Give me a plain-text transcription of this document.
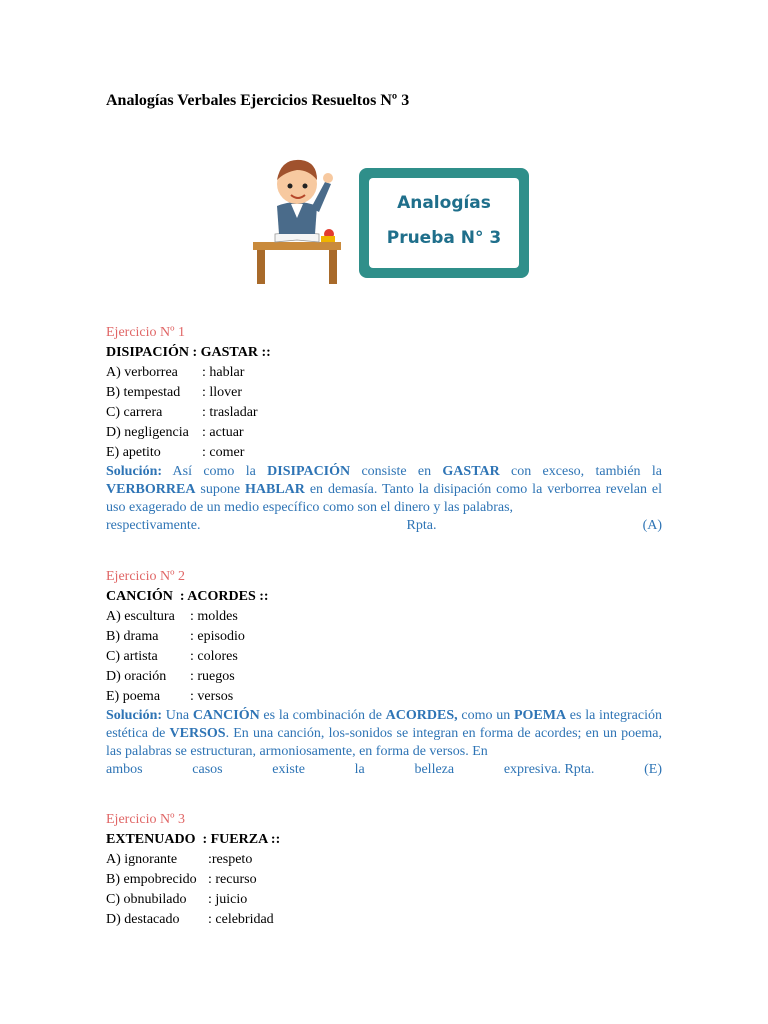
Analogías Verbales Ejercicios Resueltos Nº 3
Analogías
Prueba N° 3
Ejercicio Nº 1
DISIPACIÓN : GASTAR ::
A) verborrea	: hablar
B) tempestad	: llover
C) carrera	: trasladar
D) negligencia : actuar
E) apetito	: comer
Solución: Así como la DISIPACIÓN consiste en GASTAR con exceso, también la VERBORREA supone HABLAR en demasía. Tanto la disipación como la verborrea revelan el uso exagerado de un medio específico como son el dinero y las palabras,
respectivamente.	Rpta.	(A)
Ejercicio Nº 2
CANCIÓN  : ACORDES ::
A) escultura	: moldes
B) drama	: episodio
C) artista	: colores
D) oración	: ruegos
E) poema	: versos
Solución: Una CANCIÓN es la combinación de ACORDES, como un POEMA es la integración estética de VERSOS. En una canción, los-sonidos se integran en forma de acordes; en un poema, las palabras se estructuran, armoniosamente, en forma de versos. En
ambos	casos	existe	la	belleza	expresiva. Rpta.	(E)
Ejercicio Nº 3
EXTENUADO  : FUERZA ::
A) ignorante	:respeto
B) empobrecido : recurso
C) obnubilado	: juicio
D) destacado	: celebridad
